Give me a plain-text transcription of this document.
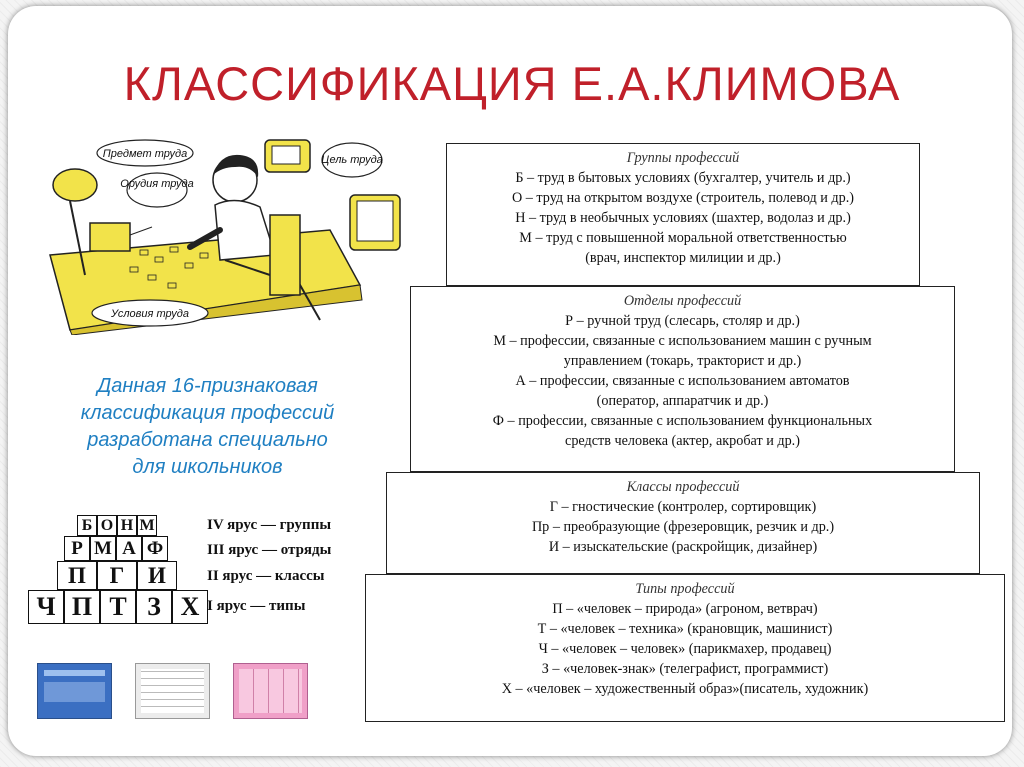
КЛАССИФИКАЦИЯ Е.А.КЛИМОВА
Предмет труда
Орудия труда
Цель труда
Условия труда
Данная 16-признаковая
классификация профессий
разработана специально
для школьников
Б О Н М
Р М А Ф
П	Г	И
Ч П Т З Х
IV ярус — группы
III ярус — отряды
II ярус — классы
I ярус — типы
Группы профессий
Б – труд в бытовых условиях (бухгалтер, учитель и др.)
О – труд на открытом воздухе (строитель, полевод и др.)
Н – труд в необычных условиях (шахтер, водолаз и др.)
М – труд с повышенной моральной ответственностью
(врач, инспектор милиции и др.)
Отделы профессий
Р – ручной труд (слесарь, столяр и др.)
М – профессии, связанные с использованием машин с ручным
управлением (токарь, тракторист и др.)
А – профессии, связанные с использованием автоматов
(оператор, аппаратчик и др.)
Ф – профессии, связанные с использованием функциональных
средств человека (актер, акробат и др.)
Классы профессий
Г – гностические (контролер, сортировщик)
Пр – преобразующие (фрезеровщик, резчик и др.)
И – изыскательские (раскройщик, дизайнер)
Типы профессий
П – «человек – природа» (агроном, ветврач)
Т – «человек – техника» (крановщик, машинист)
Ч – «человек – человек» (парикмахер, продавец)
З – «человек-знак» (телеграфист, программист)
Х – «человек – художественный образ»(писатель, художник)
